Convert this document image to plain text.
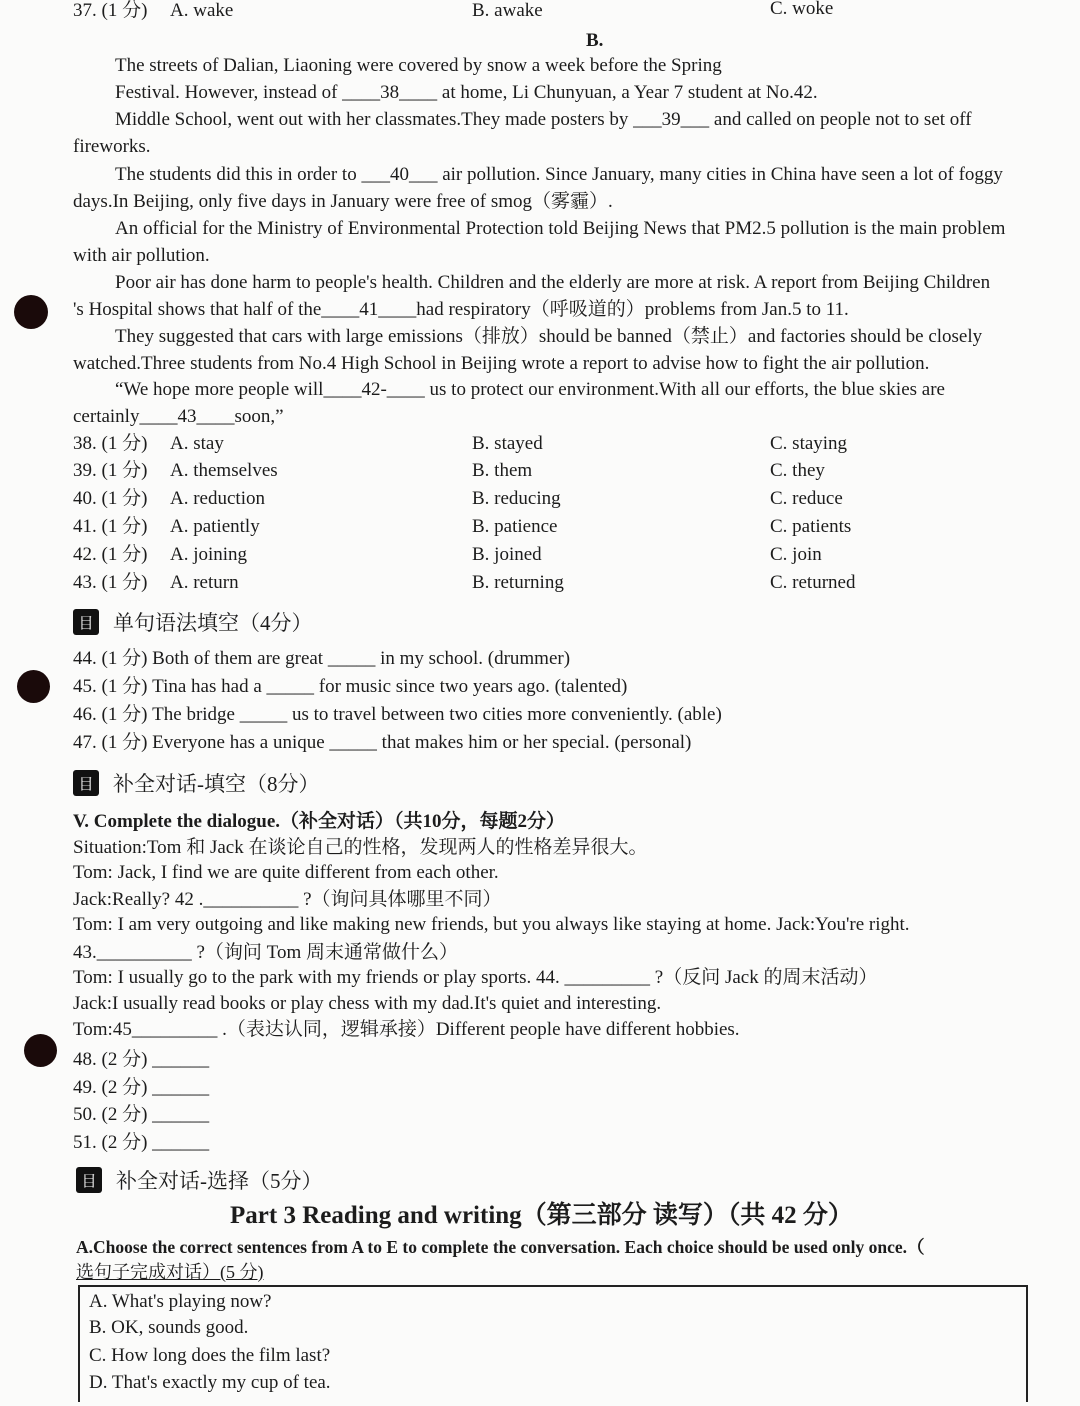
37. (1 分) A. wake	B. awake	C. woke
B.
The streets of Dalian, Liaoning were covered by snow a week before the Spring
Festival. However, instead of ____38____ at home, Li Chunyuan, a Year 7 student at No.42.
Middle School, went out with her classmates.They made posters by ___39___ and called on people not to set off
fireworks.
The students did this in order to ___40___ air pollution. Since January, many cities in China have seen a lot of foggy
days.In Beijing, only five days in January were free of smog（雾霾）.
An official for the Ministry of Environmental Protection told Beijing News that PM2.5 pollution is the main problem
with air pollution.
Poor air has done harm to people's health. Children and the elderly are more at risk. A report from Beijing Children
's Hospital shows that half of the____41____had respiratory（呼吸道的）problems from Jan.5 to 11.
They suggested that cars with large emissions（排放）should be banned（禁止）and factories should be closely
watched.Three students from No.4 High School in Beijing wrote a report to advise how to fight the air pollution.
“We hope more people will____42-____ us to protect our environment.With all our efforts, the blue skies are
certainly____43____soon,”
38. (1 分) A. stay	B. stayed	C. staying
39. (1 分) A. themselves	B. them	C. they
40. (1 分) A. reduction	B. reducing	C. reduce
41. (1 分) A. patiently	B. patience	C. patients
42. (1 分) A. joining	B. joined	C. join
43. (1 分) A. return	B. returning	C. returned
44. (1 分) Both of them are great _____ in my school. (drummer)
45. (1 分) Tina has had a _____ for music since two years ago. (talented)
46. (1 分) The bridge _____ us to travel between two cities more conveniently. (able)
47. (1 分) Everyone has a unique _____ that makes him or her special. (personal)
V. Complete the dialogue.（补全对话）（共10分，每题2分）
Situation:Tom 和 Jack 在谈论自己的性格，发现两人的性格差异很大。
Tom: Jack, I find we are quite different from each other.
Jack:Really? 42 .__________ ?（询问具体哪里不同）
Tom: I am very outgoing and like making new friends, but you always like staying at home. Jack:You're right.
43.__________ ?（询问 Tom 周末通常做什么）
Tom: I usually go to the park with my friends or play sports. 44. _________ ?（反问 Jack 的周末活动）
Jack:I usually read books or play chess with my dad.It's quiet and interesting.
Tom:45_________ .（表达认同，逻辑承接）Different people have different hobbies.
48. (2 分) ______
49. (2 分) ______
50. (2 分) ______
51. (2 分) ______
A. What's playing now?
B. OK, sounds good.
C. How long does the film last?
D. That's exactly my cup of tea.
目 单句语法填空（4分）
目 补全对话-填空（8分）
目 补全对话-选择（5分）
Part 3 Reading and writing（第三部分 读写）（共 42 分）
A.Choose the correct sentences from A to E to complete the conversation. Each choice should be used only once.（
选句子完成对话）(5 分)
